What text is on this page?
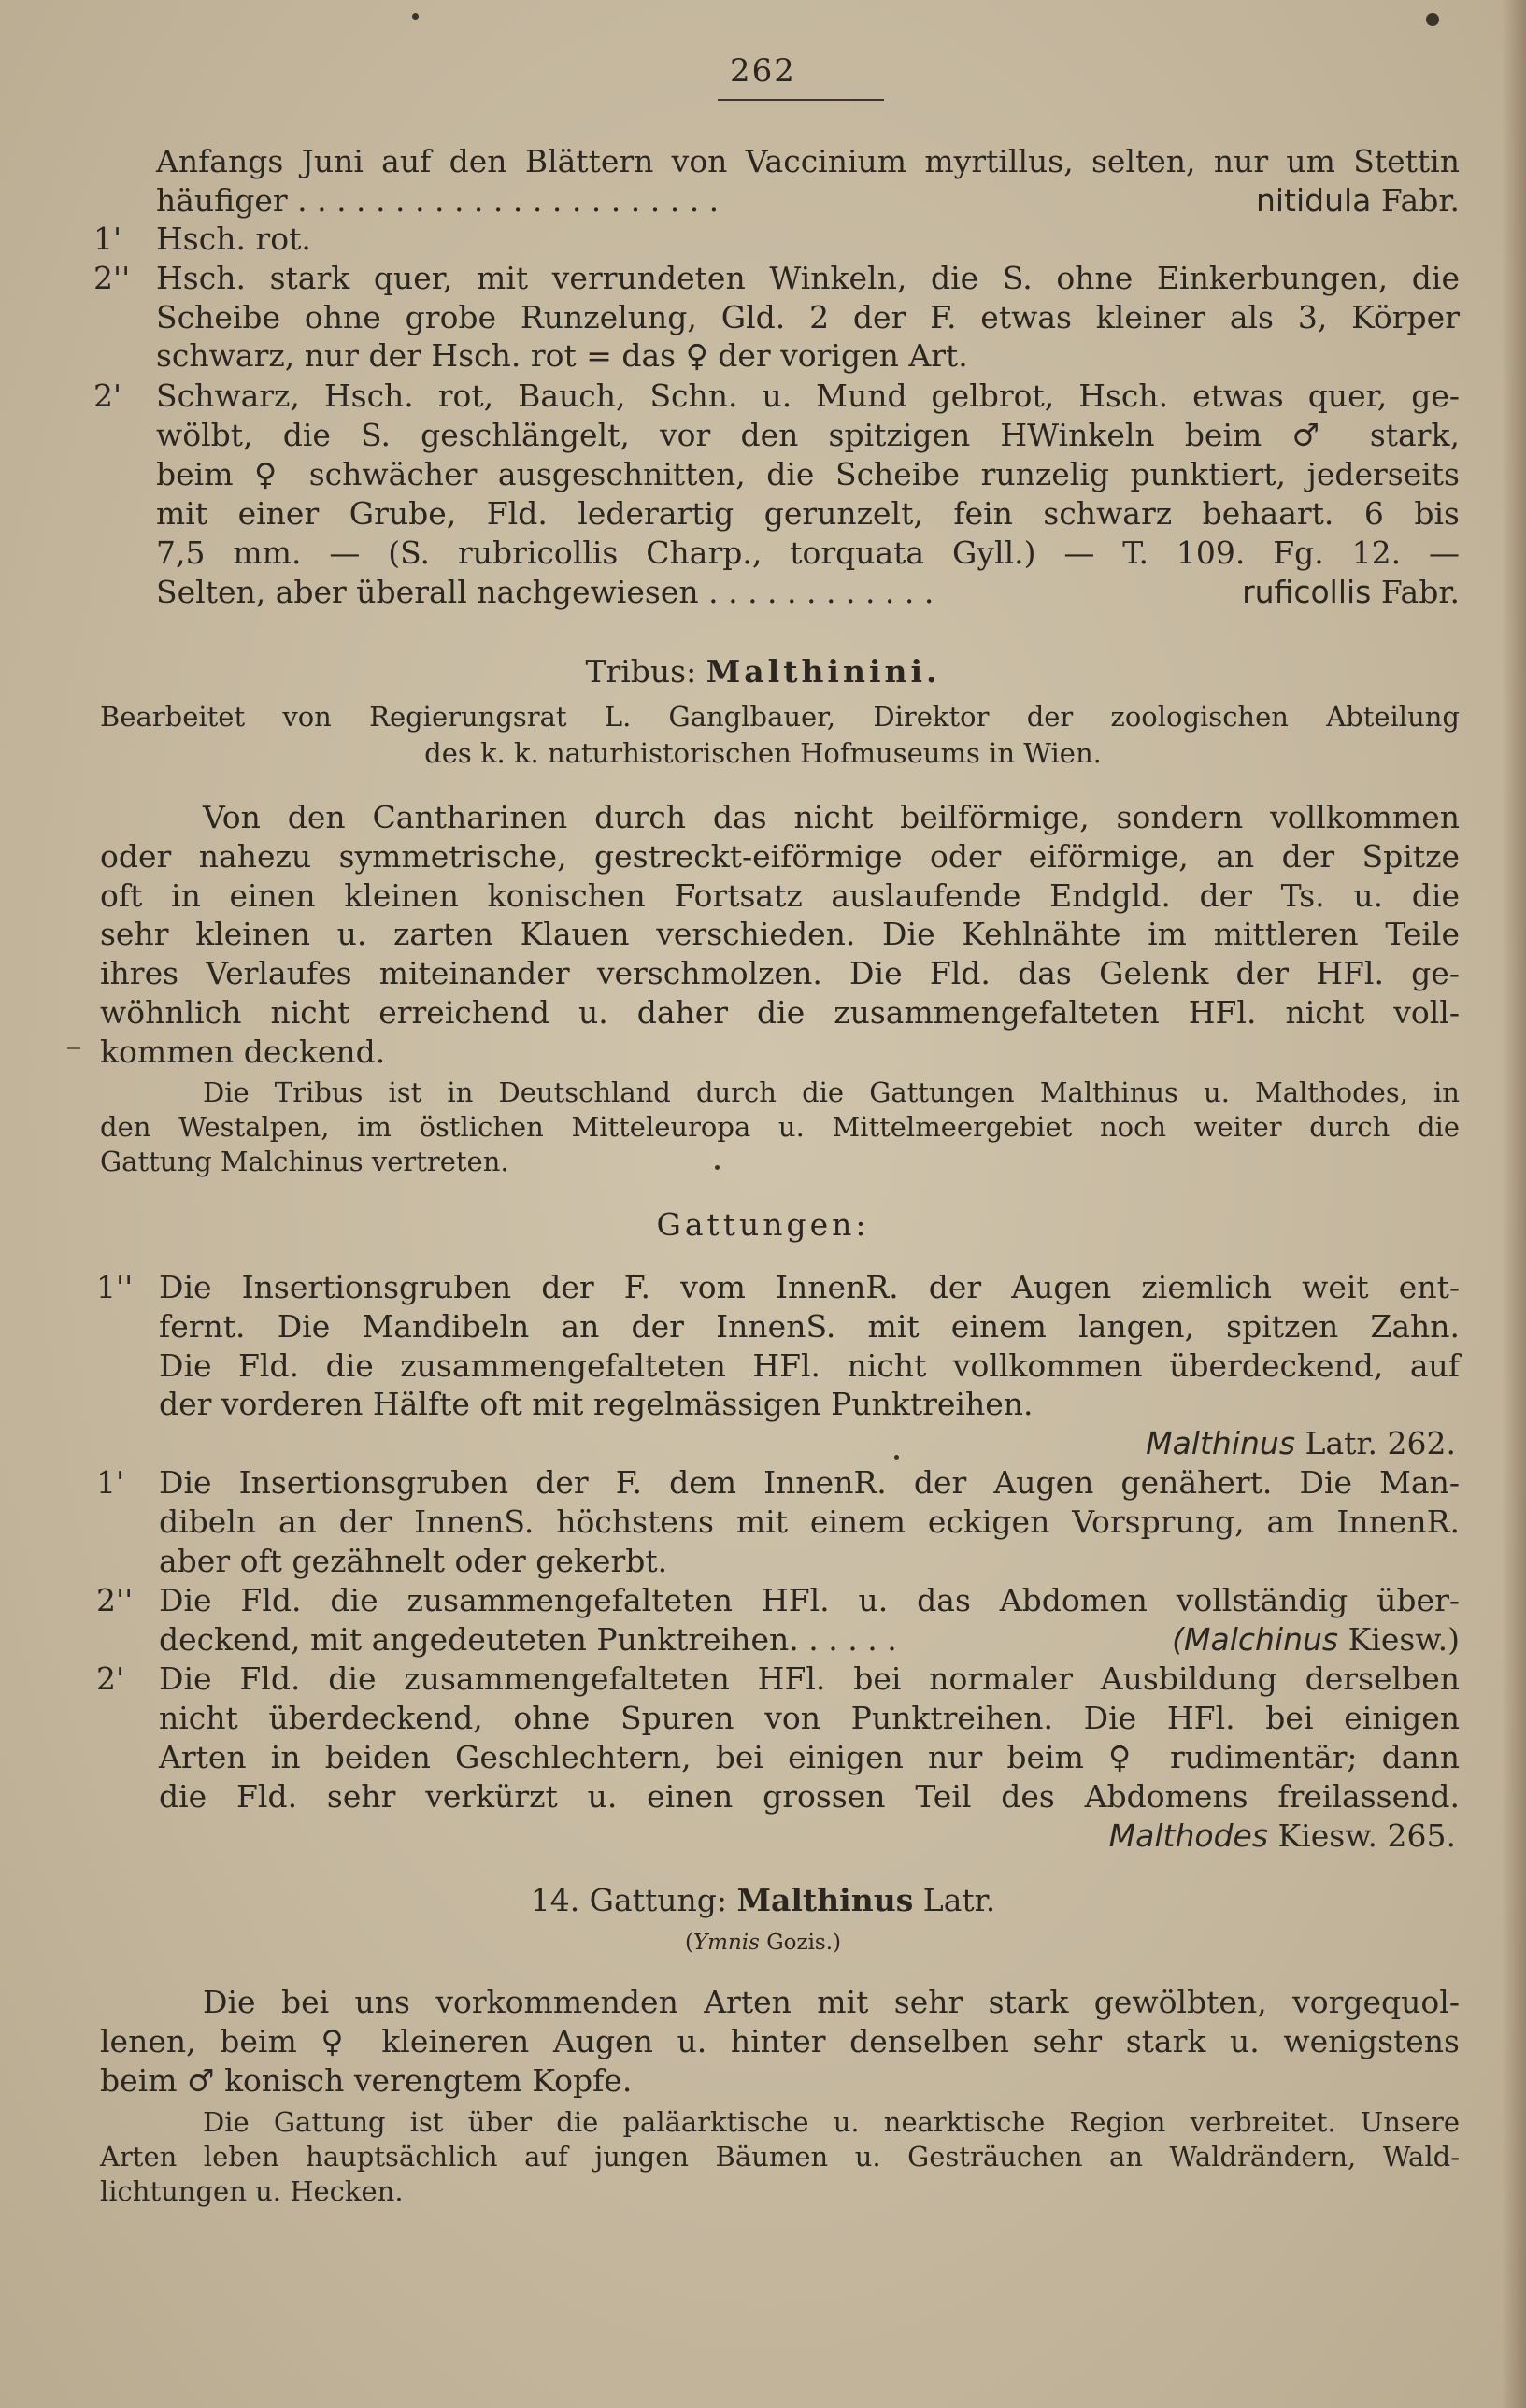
262
Anfangs Juni auf den Blättern von Vaccinium myrtillus, selten, nur um Stettin
häufiger . . . . . . . . . . . . . . . . . . . . . .	nitidula Fabr.
1' Hsch. rot.
2'' Hsch. stark quer, mit verrundeten Winkeln, die S. ohne Einkerbungen, die
Scheibe ohne grobe Runzelung, Gld. 2 der F. etwas kleiner als 3, Körper
schwarz, nur der Hsch. rot = das ♀ der vorigen Art.
2' Schwarz, Hsch. rot, Bauch, Schn. u. Mund gelbrot, Hsch. etwas quer, ge-
wölbt, die S. geschlängelt, vor den spitzigen HWinkeln beim ♂ stark,
beim ♀ schwächer ausgeschnitten, die Scheibe runzelig punktiert, jederseits
mit einer Grube, Fld. lederartig gerunzelt, fein schwarz behaart. 6 bis
7,5 mm. — (S. rubricollis Charp., torquata Gyll.) — T. 109. Fg. 12. —
Selten, aber überall nachgewiesen . . . . . . . . . . . .	ruficollis Fabr.
Tribus: Malthinini.
Bearbeitet von Regierungsrat L. Ganglbauer, Direktor der zoologischen Abteilung
des k. k. naturhistorischen Hofmuseums in Wien.
Von den Cantharinen durch das nicht beilförmige, sondern vollkommen
oder nahezu symmetrische, gestreckt-eiförmige oder eiförmige, an der Spitze
oft in einen kleinen konischen Fortsatz auslaufende Endgld. der Ts. u. die
sehr kleinen u. zarten Klauen verschieden. Die Kehlnähte im mittleren Teile
ihres Verlaufes miteinander verschmolzen. Die Fld. das Gelenk der HFl. ge-
wöhnlich nicht erreichend u. daher die zusammengefalteten HFl. nicht voll-
kommen deckend.
Die Tribus ist in Deutschland durch die Gattungen Malthinus u. Malthodes, in
den Westalpen, im östlichen Mitteleuropa u. Mittelmeergebiet noch weiter durch die
Gattung Malchinus vertreten.
Gattungen:
1'' Die Insertionsgruben der F. vom InnenR. der Augen ziemlich weit ent-
fernt. Die Mandibeln an der InnenS. mit einem langen, spitzen Zahn.
Die Fld. die zusammengefalteten HFl. nicht vollkommen überdeckend, auf
der vorderen Hälfte oft mit regelmässigen Punktreihen.
Malthinus Latr. 262.
1' Die Insertionsgruben der F. dem InnenR. der Augen genähert. Die Man-
dibeln an der InnenS. höchstens mit einem eckigen Vorsprung, am InnenR.
aber oft gezähnelt oder gekerbt.
2'' Die Fld. die zusammengefalteten HFl. u. das Abdomen vollständig über-
deckend, mit angedeuteten Punktreihen. . . . . .	(Malchinus Kiesw.)
2' Die Fld. die zusammengefalteten HFl. bei normaler Ausbildung derselben
nicht überdeckend, ohne Spuren von Punktreihen. Die HFl. bei einigen
Arten in beiden Geschlechtern, bei einigen nur beim ♀ rudimentär; dann
die Fld. sehr verkürzt u. einen grossen Teil des Abdomens freilassend.
Malthodes Kiesw. 265.
14. Gattung: Malthinus Latr.
(Ymnis Gozis.)
Die bei uns vorkommenden Arten mit sehr stark gewölbten, vorgequol-
lenen, beim ♀ kleineren Augen u. hinter denselben sehr stark u. wenigstens
beim ♂ konisch verengtem Kopfe.
Die Gattung ist über die paläarktische u. nearktische Region verbreitet. Unsere
Arten leben hauptsächlich auf jungen Bäumen u. Gesträuchen an Waldrändern, Wald-
lichtungen u. Hecken.
